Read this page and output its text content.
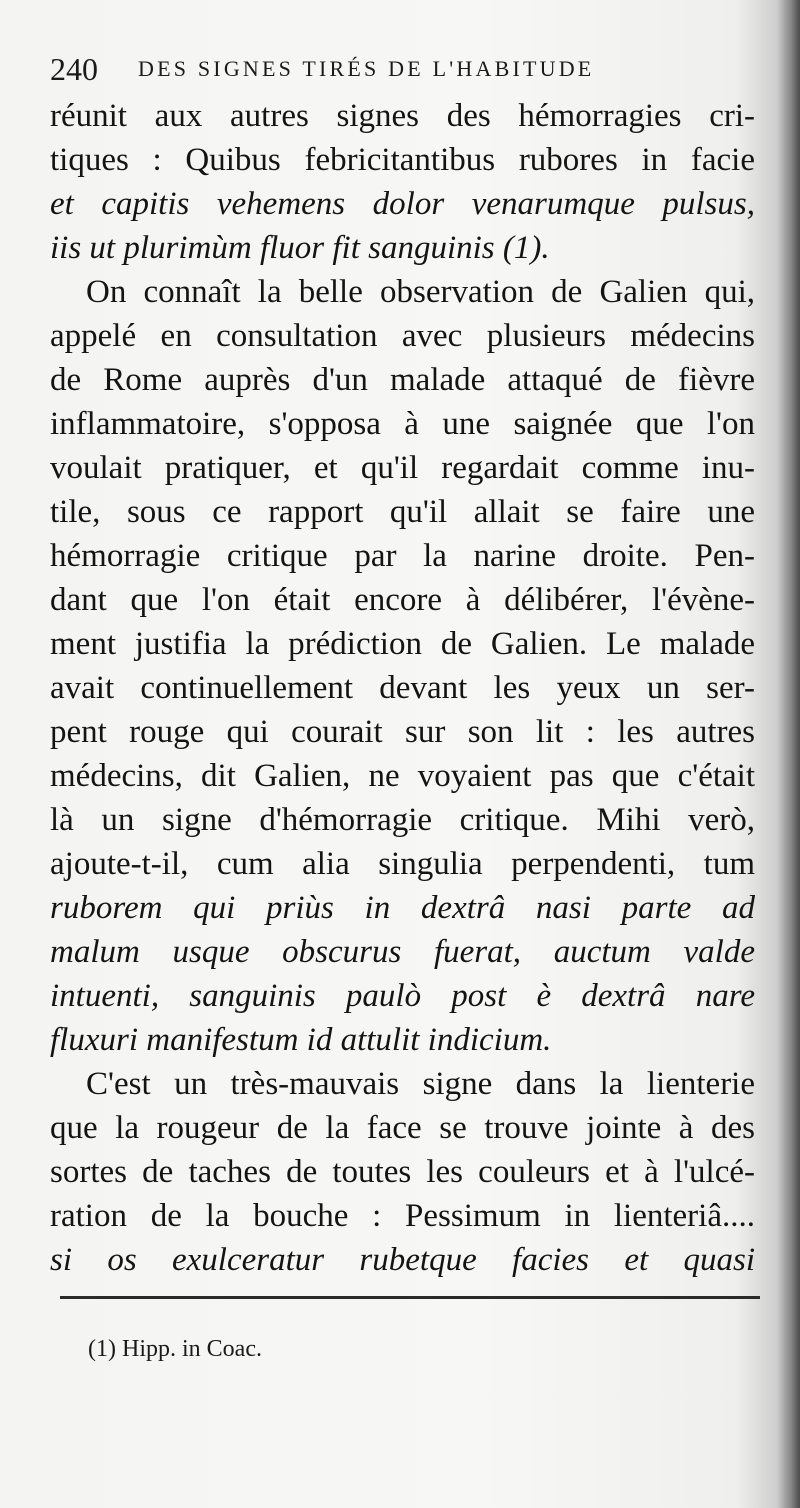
240 DES SIGNES TIRÉS DE L'HABITUDE
réunit aux autres signes des hémorragies cri-
tiques : Quibus febricitantibus rubores in facie
et capitis vehemens dolor venarumque pulsus,
iis ut plurimùm fluor fit sanguinis (1).
On connaît la belle observation de Galien qui,
appelé en consultation avec plusieurs médecins
de Rome auprès d'un malade attaqué de fièvre
inflammatoire, s'opposa à une saignée que l'on
voulait pratiquer, et qu'il regardait comme inu-
tile, sous ce rapport qu'il allait se faire une
hémorragie critique par la narine droite. Pen-
dant que l'on était encore à délibérer, l'évène-
ment justifia la prédiction de Galien. Le malade
avait continuellement devant les yeux un ser-
pent rouge qui courait sur son lit : les autres
médecins, dit Galien, ne voyaient pas que c'était
là un signe d'hémorragie critique. Mihi verò,
ajoute-t-il, cum alia singulia perpendenti, tum
ruborem qui priùs in dextrâ nasi parte ad
malum usque obscurus fuerat, auctum valde
intuenti, sanguinis paulò post è dextrâ nare
fluxuri manifestum id attulit indicium.
C'est un très-mauvais signe dans la lienterie
que la rougeur de la face se trouve jointe à des
sortes de taches de toutes les couleurs et à l'ulcé-
ration de la bouche : Pessimum in lienteriâ....
si os exulceratur rubetque facies et quasi
(1) Hipp. in Coac.
